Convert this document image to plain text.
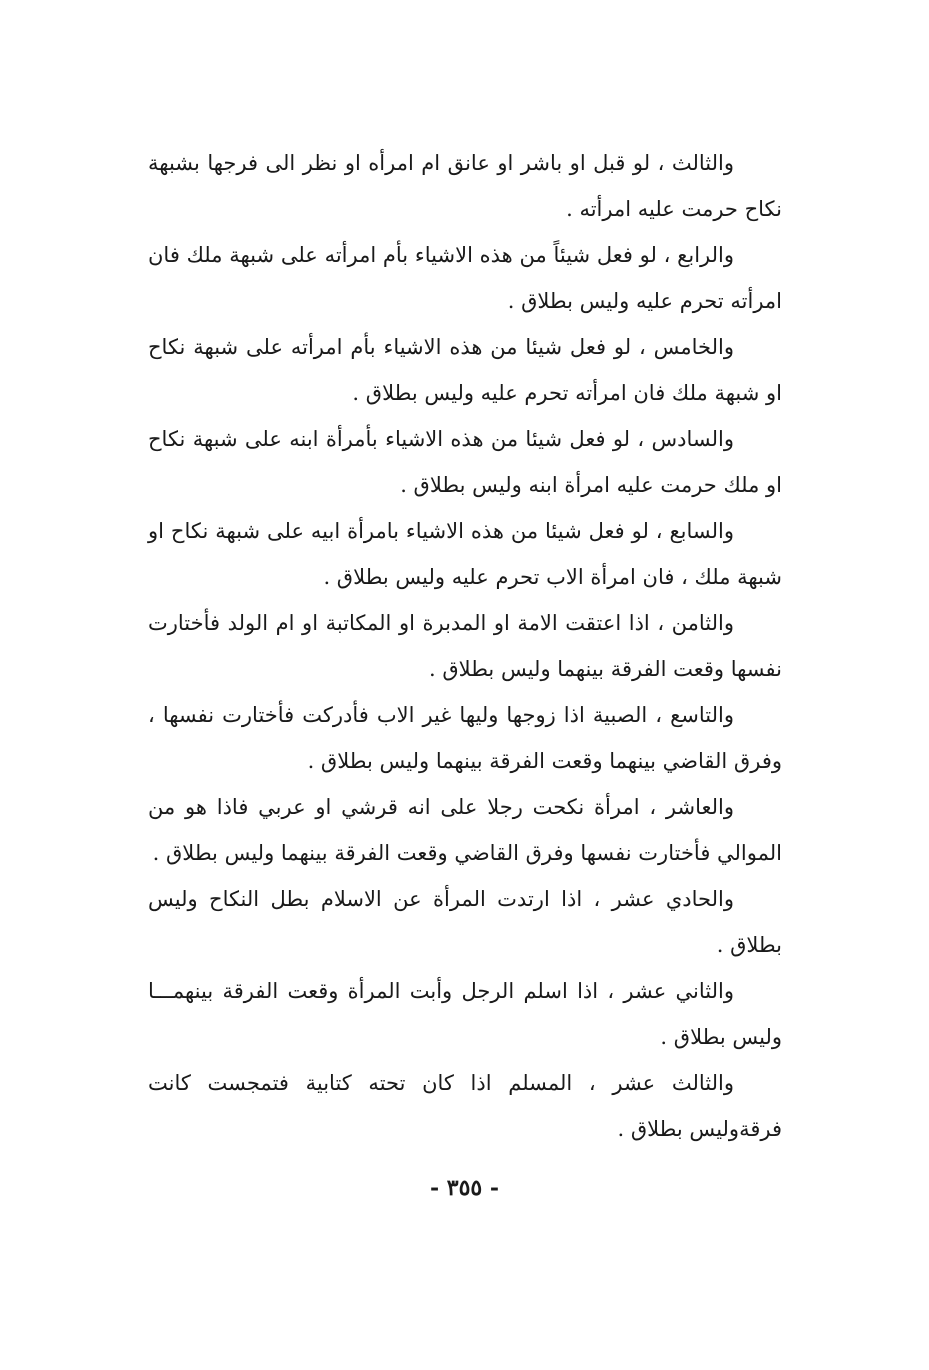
والثالث ، لو قبل او باشر او عانق ام امرأه او نظر الى فرجها بشبهة نكاح حرمت عليه امرأته .

والرابع ، لو فعل شيئاً من هذه الاشياء بأم امرأته على شبهة ملك فان امرأته تحرم عليه وليس بطلاق .

والخامس ، لو فعل شيئا من هذه الاشياء بأم امرأته على شبهة نكاح او شبهة ملك فان امرأته تحرم عليه وليس بطلاق .

والسادس ، لو فعل شيئا من هذه الاشياء بأمرأة ابنه على شبهة نكاح او ملك حرمت عليه امرأة ابنه وليس بطلاق .

والسابع ، لو فعل شيئا من هذه الاشياء بامرأة ابيه على شبهة نكاح او شبهة ملك ، فان امرأة الاب تحرم عليه وليس بطلاق .

والثامن ، اذا اعتقت الامة او المدبرة او المكاتبة او ام الولد فأختارت نفسها وقعت الفرقة بينهما وليس بطلاق .

والتاسع ، الصبية اذا زوجها وليها غير الاب فأدركت فأختارت نفسها ، وفرق القاضي بينهما وقعت الفرقة بينهما وليس بطلاق .

والعاشر ، امرأة نكحت رجلا على انه قرشي او عربي فاذا هو من الموالي فأختارت نفسها وفرق القاضي وقعت الفرقة بينهما وليس بطلاق .

والحادي عشر ، اذا ارتدت المرأة عن الاسلام بطل النكاح وليس بطلاق .

والثاني عشر ، اذا اسلم الرجل وأبت المرأة وقعت الفرقة بينهمـــا وليس بطلاق .

والثالث عشر ، المسلم اذا كان تحته كتابية فتمجست كانت فرقةوليس بطلاق .

- ٣٥٥ -
